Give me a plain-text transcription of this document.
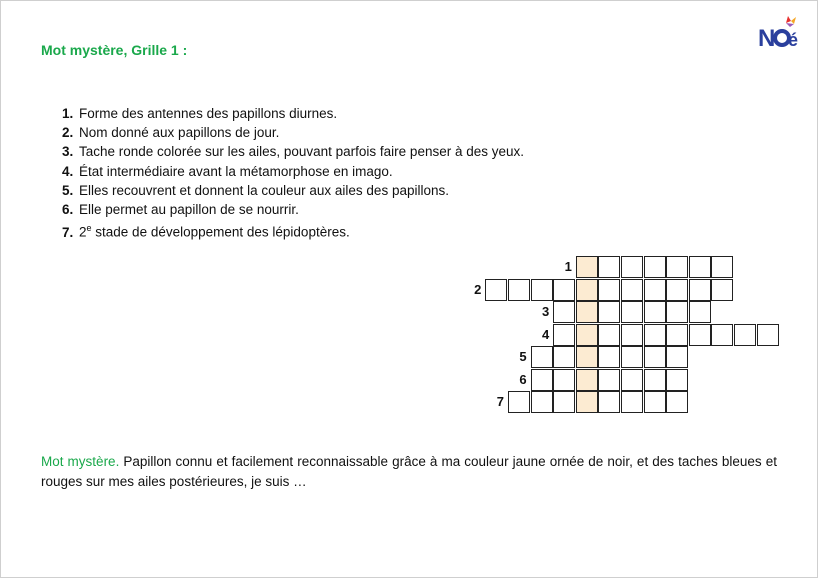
Mot mystère, Grille 1 :	N é
1. Forme des antennes des papillons diurnes.
2. Nom donné aux papillons de jour.
3. Tache ronde colorée sur les ailes, pouvant parfois faire penser à des yeux.
4. État intermédiaire avant la métamorphose en imago.
5. Elles recouvrent et donnent la couleur aux ailes des papillons.
6. Elle permet au papillon de se nourrir.
7. 2e stade de développement des lépidoptères.
1
2
3
4
5
6
7
Mot mystère. Papillon connu et facilement reconnaissable grâce à ma couleur jaune ornée de noir, et des taches bleues et rouges sur mes ailes postérieures, je suis …
